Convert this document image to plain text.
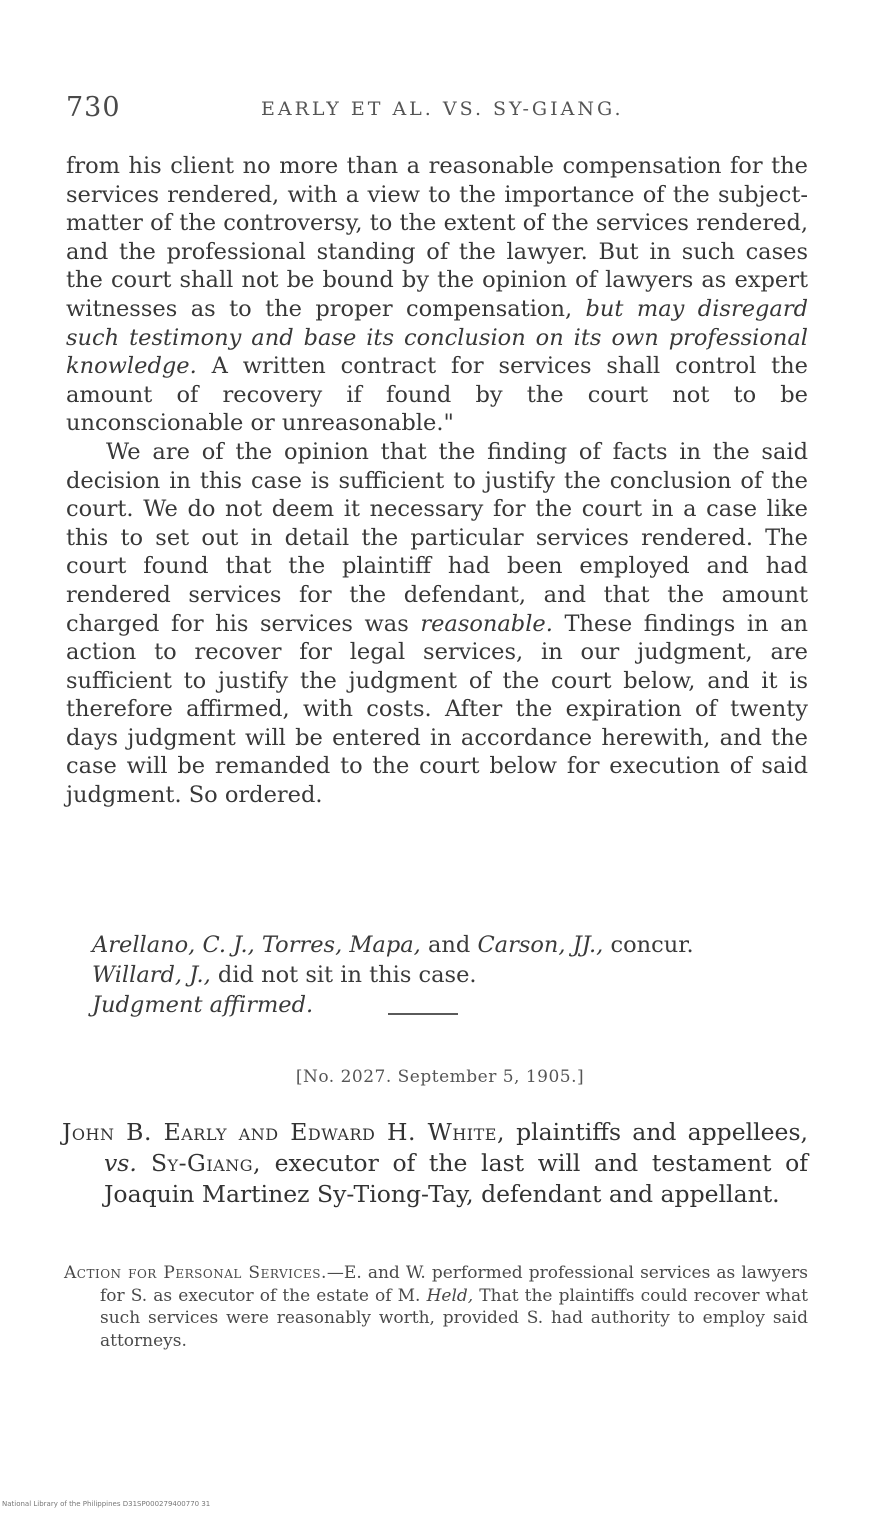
730	EARLY ET AL. VS. SY-GIANG.

from his client no more than a reasonable compensation for the services rendered, with a view to the importance of the subject-matter of the controversy, to the extent of the services rendered, and the professional standing of the lawyer. But in such cases the court shall not be bound by the opinion of lawyers as expert witnesses as to the proper compensation, but may disregard such testimony and base its conclusion on its own professional knowledge. A written contract for services shall control the amount of recovery if found by the court not to be unconscionable or unreasonable."

We are of the opinion that the finding of facts in the said decision in this case is sufficient to justify the conclusion of the court. We do not deem it necessary for the court in a case like this to set out in detail the particular services rendered. The court found that the plaintiff had been employed and had rendered services for the defendant, and that the amount charged for his services was reasonable. These findings in an action to recover for legal services, in our judgment, are sufficient to justify the judgment of the court below, and it is therefore affirmed, with costs. After the expiration of twenty days judgment will be entered in accordance herewith, and the case will be remanded to the court below for execution of said judgment. So ordered.

Arellano, C. J., Torres, Mapa, and Carson, JJ., concur.
Willard, J., did not sit in this case.
Judgment affirmed.
[No. 2027. September 5, 1905.]

John B. Early and Edward H. White, plaintiffs and appellees, vs. Sy-Giang, executor of the last will and testament of Joaquin Martinez Sy-Tiong-Tay, defendant and appellant.

Action for Personal Services.—E. and W. performed professional services as lawyers for S. as executor of the estate of M. Held, That the plaintiffs could recover what such services were reasonably worth, provided S. had authority to employ said attorneys.

National Library of the Philippines D31SP000279400770 31
